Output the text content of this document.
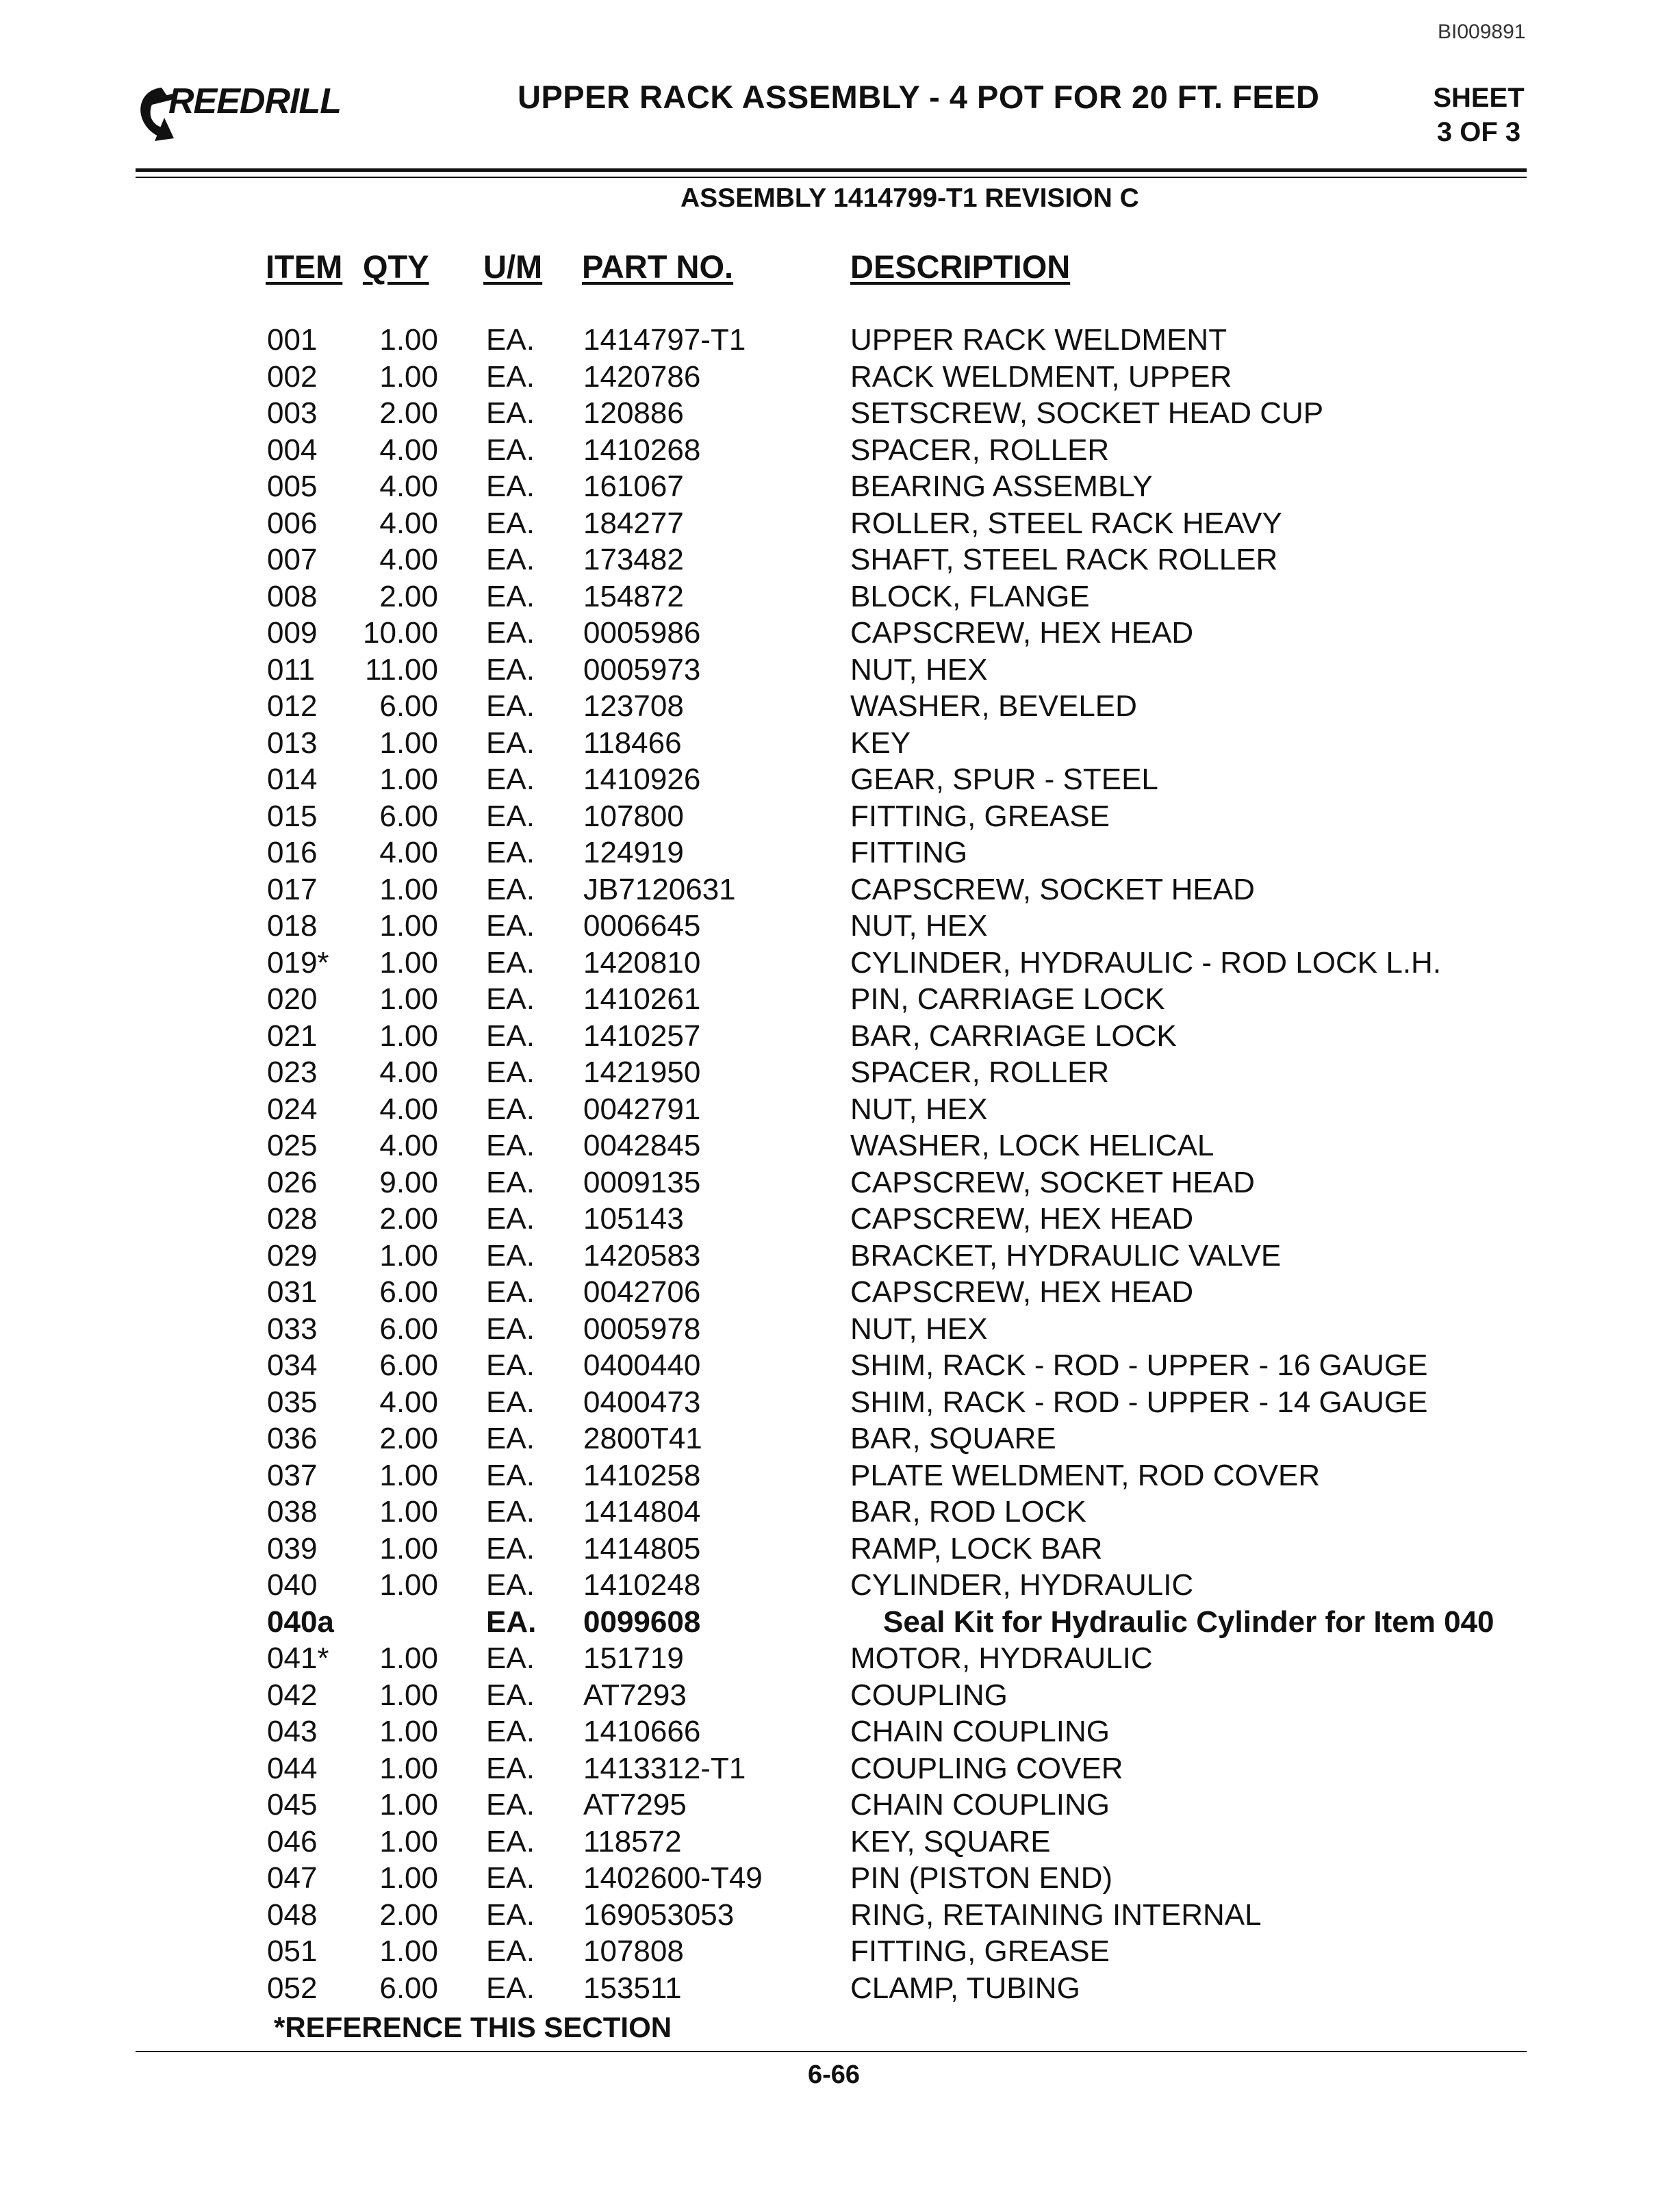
BI009891
REEDRILL	UPPER RACK ASSEMBLY - 4 POT FOR 20 FT. FEED	SHEET
3 OF 3
ASSEMBLY 1414799-T1 REVISION C
ITEM QTY U/M PART NO.	DESCRIPTION
001	1.00 EA. 1414797-T1	UPPER RACK WELDMENT
002	1.00 EA. 1420786	RACK WELDMENT, UPPER
003	2.00 EA. 120886	SETSCREW, SOCKET HEAD CUP
004	4.00 EA. 1410268	SPACER, ROLLER
005	4.00 EA. 161067	BEARING ASSEMBLY
006	4.00 EA. 184277	ROLLER, STEEL RACK HEAVY
007	4.00 EA. 173482	SHAFT, STEEL RACK ROLLER
008	2.00 EA. 154872	BLOCK, FLANGE
009 10.00 EA. 0005986	CAPSCREW, HEX HEAD
011 11.00 EA. 0005973	NUT, HEX
012	6.00 EA. 123708	WASHER, BEVELED
013	1.00 EA. 118466	KEY
014	1.00 EA. 1410926	GEAR, SPUR - STEEL
015	6.00 EA. 107800	FITTING, GREASE
016	4.00 EA. 124919	FITTING
017	1.00 EA. JB7120631	CAPSCREW, SOCKET HEAD
018	1.00 EA. 0006645	NUT, HEX
019*	1.00 EA. 1420810	CYLINDER, HYDRAULIC - ROD LOCK L.H.
020	1.00 EA. 1410261	PIN, CARRIAGE LOCK
021	1.00 EA. 1410257	BAR, CARRIAGE LOCK
023	4.00 EA. 1421950	SPACER, ROLLER
024	4.00 EA. 0042791	NUT, HEX
025	4.00 EA. 0042845	WASHER, LOCK HELICAL
026	9.00 EA. 0009135	CAPSCREW, SOCKET HEAD
028	2.00 EA. 105143	CAPSCREW, HEX HEAD
029	1.00 EA. 1420583	BRACKET, HYDRAULIC VALVE
031	6.00 EA. 0042706	CAPSCREW, HEX HEAD
033	6.00 EA. 0005978	NUT, HEX
034	6.00 EA. 0400440	SHIM, RACK - ROD - UPPER - 16 GAUGE
035	4.00 EA. 0400473	SHIM, RACK - ROD - UPPER - 14 GAUGE
036	2.00 EA. 2800T41	BAR, SQUARE
037	1.00 EA. 1410258	PLATE WELDMENT, ROD COVER
038	1.00 EA. 1414804	BAR, ROD LOCK
039	1.00 EA. 1414805	RAMP, LOCK BAR
040	1.00 EA. 1410248	CYLINDER, HYDRAULIC
040a	EA. 0099608	Seal Kit for Hydraulic Cylinder for Item 040
041*	1.00 EA. 151719	MOTOR, HYDRAULIC
042	1.00 EA. AT7293	COUPLING
043	1.00 EA. 1410666	CHAIN COUPLING
044	1.00 EA. 1413312-T1	COUPLING COVER
045	1.00 EA. AT7295	CHAIN COUPLING
046	1.00 EA. 118572	KEY, SQUARE
047	1.00 EA. 1402600-T49	PIN (PISTON END)
048	2.00 EA. 169053053	RING, RETAINING INTERNAL
051	1.00 EA. 107808	FITTING, GREASE
052	6.00 EA. 153511	CLAMP, TUBING
*REFERENCE THIS SECTION
6-66
